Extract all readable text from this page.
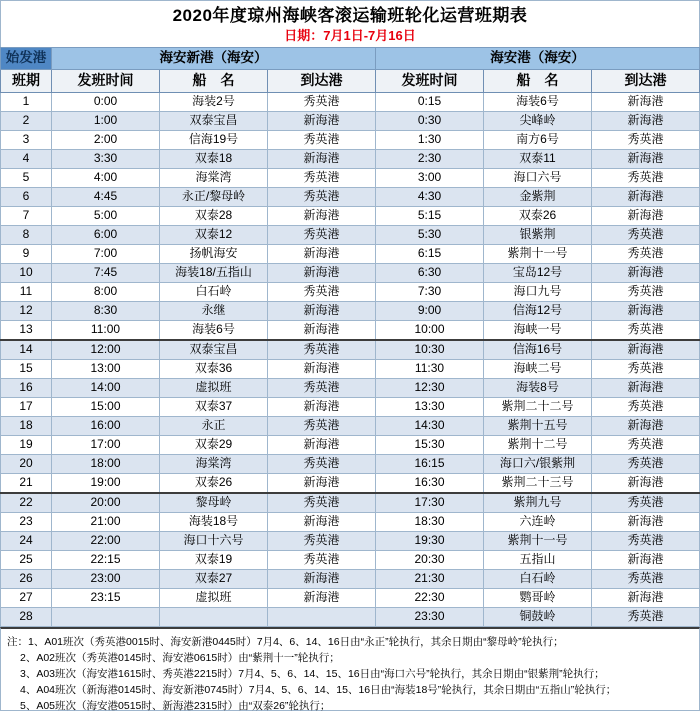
2020年度琼州海峡客滚运输班轮化运营班期表
日期：7月1日-7月16日
始发港	海安新港（海安）			海安港（海安）		
班期	发班时间	船　名	到达港	发班时间	船　名	到达港
1	0:00	海装2号	秀英港	0:15	海装6号	新海港
2	1:00	双泰宝昌	新海港	0:30	尖峰岭	新海港
3	2:00	信海19号	秀英港	1:30	南方6号	秀英港
4	3:30	双泰18	新海港	2:30	双泰11	新海港
5	4:00	海棠湾	秀英港	3:00	海口六号	秀英港
6	4:45	永正/黎母岭	秀英港	4:30	金紫荆	新海港
7	5:00	双泰28	新海港	5:15	双泰26	新海港
8	6:00	双泰12	秀英港	5:30	银紫荆	秀英港
9	7:00	扬帆海安	新海港	6:15	紫荆十一号	秀英港
10	7:45	海装18/五指山	新海港	6:30	宝岛12号	新海港
11	8:00	白石岭	秀英港	7:30	海口九号	秀英港
12	8:30	永继	新海港	9:00	信海12号	新海港
13	11:00	海装6号	新海港	10:00	海峡一号	秀英港
14	12:00	双泰宝昌	秀英港	10:30	信海16号	新海港
15	13:00	双泰36	新海港	11:30	海峡二号	秀英港
16	14:00	虚拟班	秀英港	12:30	海装8号	新海港
17	15:00	双泰37	新海港	13:30	紫荆二十二号	秀英港
18	16:00	永正	秀英港	14:30	紫荆十五号	新海港
19	17:00	双泰29	新海港	15:30	紫荆十二号	秀英港
20	18:00	海棠湾	秀英港	16:15	海口六/银紫荆	秀英港
21	19:00	双泰26	新海港	16:30	紫荆二十三号	新海港
22	20:00	黎母岭	秀英港	17:30	紫荆九号	秀英港
23	21:00	海装18号	新海港	18:30	六连岭	新海港
24	22:00	海口十六号	秀英港	19:30	紫荆十一号	秀英港
25	22:15	双泰19	秀英港	20:30	五指山	新海港
26	23:00	双泰27	新海港	21:30	白石岭	秀英港
27	23:15	虚拟班	新海港	22:30	鹦哥岭	新海港
28				23:30	铜鼓岭	秀英港
注：1、A01班次（秀英港0015时、海安新港0445时）7月4、6、14、16日由“永正”轮执行，其余日期由“黎母岭”轮执行；
2、A02班次（秀英港0145时、海安港0615时）由“紫荆十一”轮执行；
3、A03班次（海安港1615时、秀英港2215时）7月4、5、6、14、15、16日由“海口六号”轮执行，其余日期由“银紫荆”轮执行；
4、A04班次（新海港0145时、海安新港0745时）7月4、5、6、14、15、16日由“海装18号”轮执行，其余日期由“五指山”轮执行；
5、A05班次（海安港0515时、新海港2315时）由“双泰26”轮执行；
